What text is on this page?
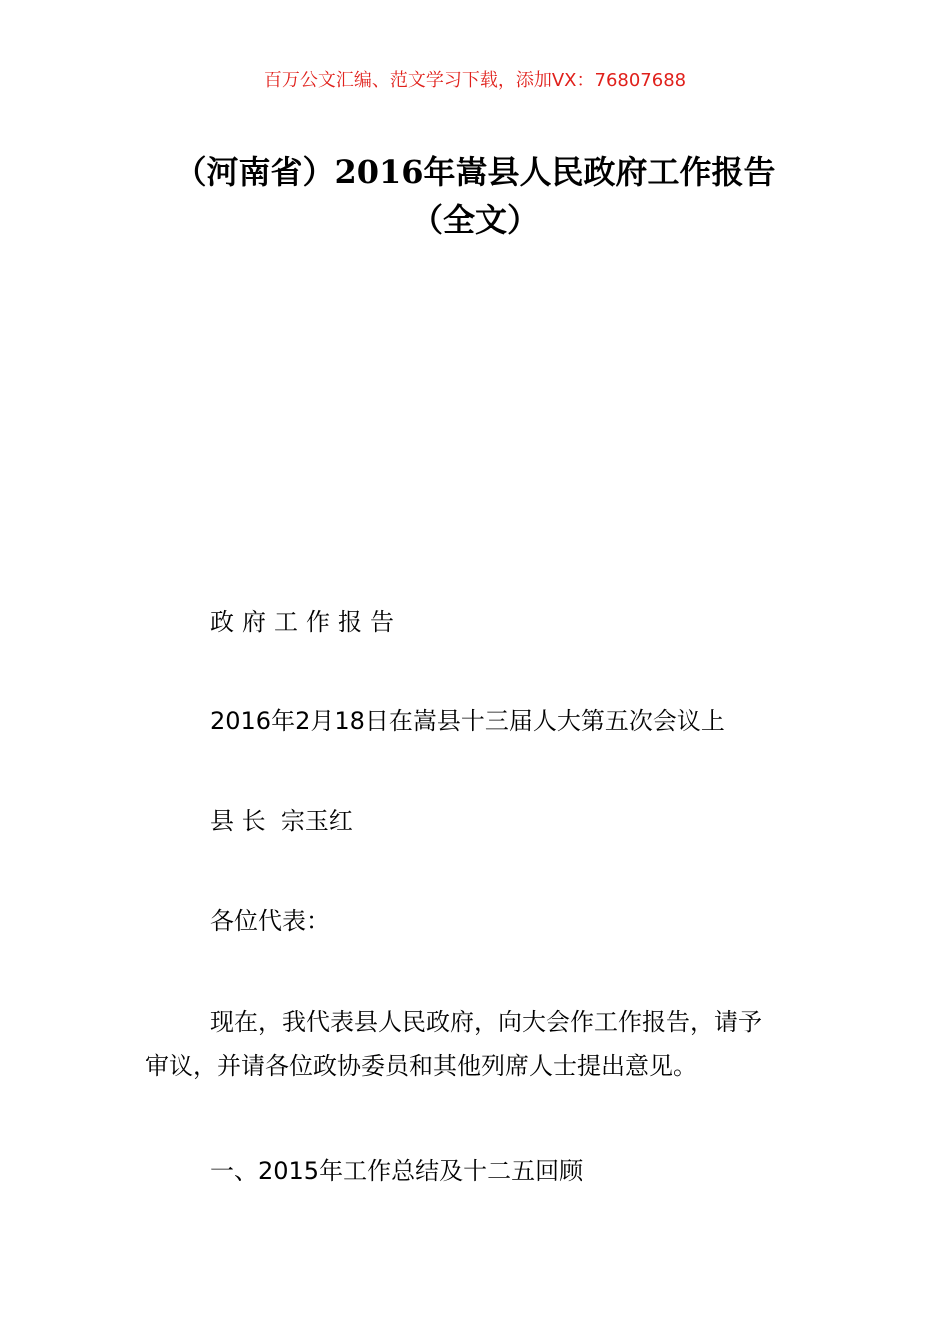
百万公文汇编、范文学习下载，添加VX：76807688
（河南省）2016年嵩县人民政府工作报告
（全文）
政府工作报告
2016年2月18日在嵩县十三届人大第五次会议上
县 长  宗玉红
各位代表：
现在，我代表县人民政府，向大会作工作报告，请予
审议，并请各位政协委员和其他列席人士提出意见。
一、2015年工作总结及十二五回顾
